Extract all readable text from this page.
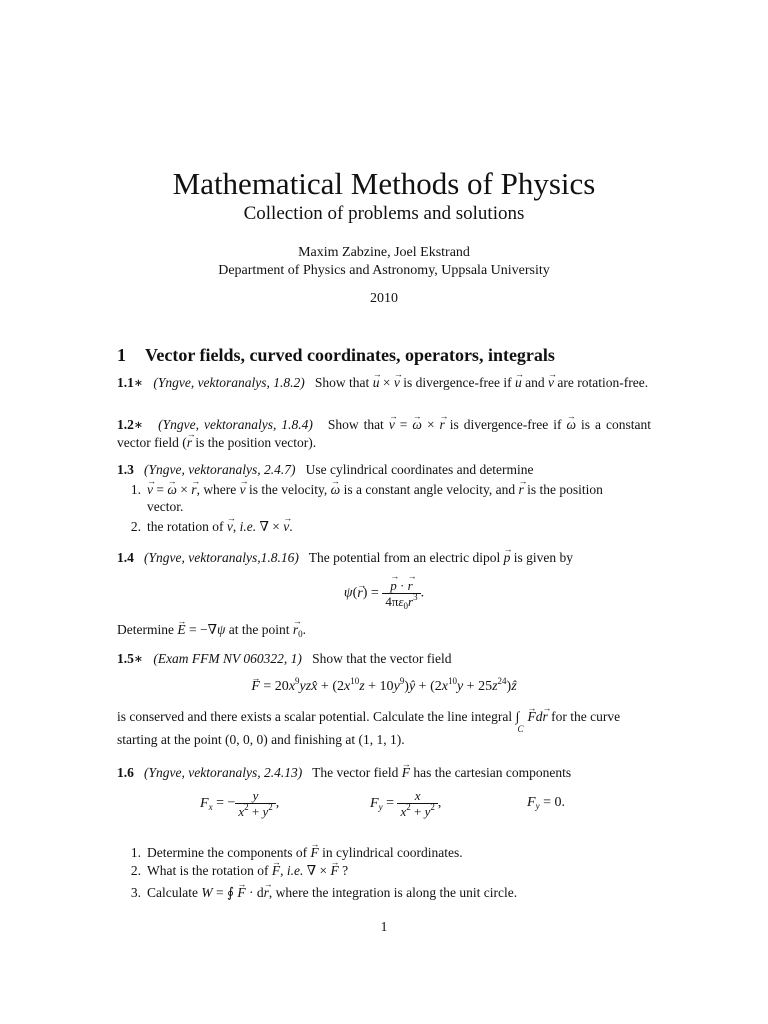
Mathematical Methods of Physics
Collection of problems and solutions
Maxim Zabzine, Joel Ekstrand
Department of Physics and Astronomy, Uppsala University
2010
1 Vector fields, curved coordinates, operators, integrals
1.1∗ (Yngve, vektoranalys, 1.8.2)   Show that → u × → v is divergence-free if → u and → v are rotation-free.
1.2∗ (Yngve, vektoranalys, 1.8.4)   Show that → v = → ω × → r is divergence-free if → ω is a constant vector field (→ r is the position vector).
1.3 (Yngve, vektoranalys, 2.4.7) Use cylindrical coordinates and determine
1. → v = → ω × → r, where → v is the velocity, → ω is a constant angle velocity, and → r is the position
vector.
2. the rotation of → v, i.e. ∇ × → v.
1.4 (Yngve, vektoranalys,1.8.16) The potential from an electric dipol → p is given by
ψ(→ r) = → $\frac{p \cdot \to r}{4\pi\varepsilon_0r^3}$ .
Determine → E = −∇ψ at the point → $r_0$.
1.5∗ (Exam FFM NV 060322, 1) Show that the vector field
→ $F = 20x^9yzx̂ + (2x^{10}z$ + $10y^9)ŷ + (2x^{10}y$ + $25z^{24})ẑ$
is conserved and there exists a scalar potential. Calculate the line integral ∫
C
→ Fd→ r for the curve
starting at the point (0, 0, 0) and finishing at (1, 1, 1).
1.6 (Yngve, vektoranalys, 2.4.13) The vector field → F has the cartesian components
$F_x$ = − $\frac{y}{x^2 + y^2}$ ,	$F_y = \frac{x}{x^2 + y^2}$ ,	$F_y = 0$.
1. Determine the components of → F in cylindrical coordinates.
2. What is the rotation of → F, i.e. ∇ × → F ?
3. Calculate W = ∮ → F · d→ r, where the integration is along the unit circle.
1
